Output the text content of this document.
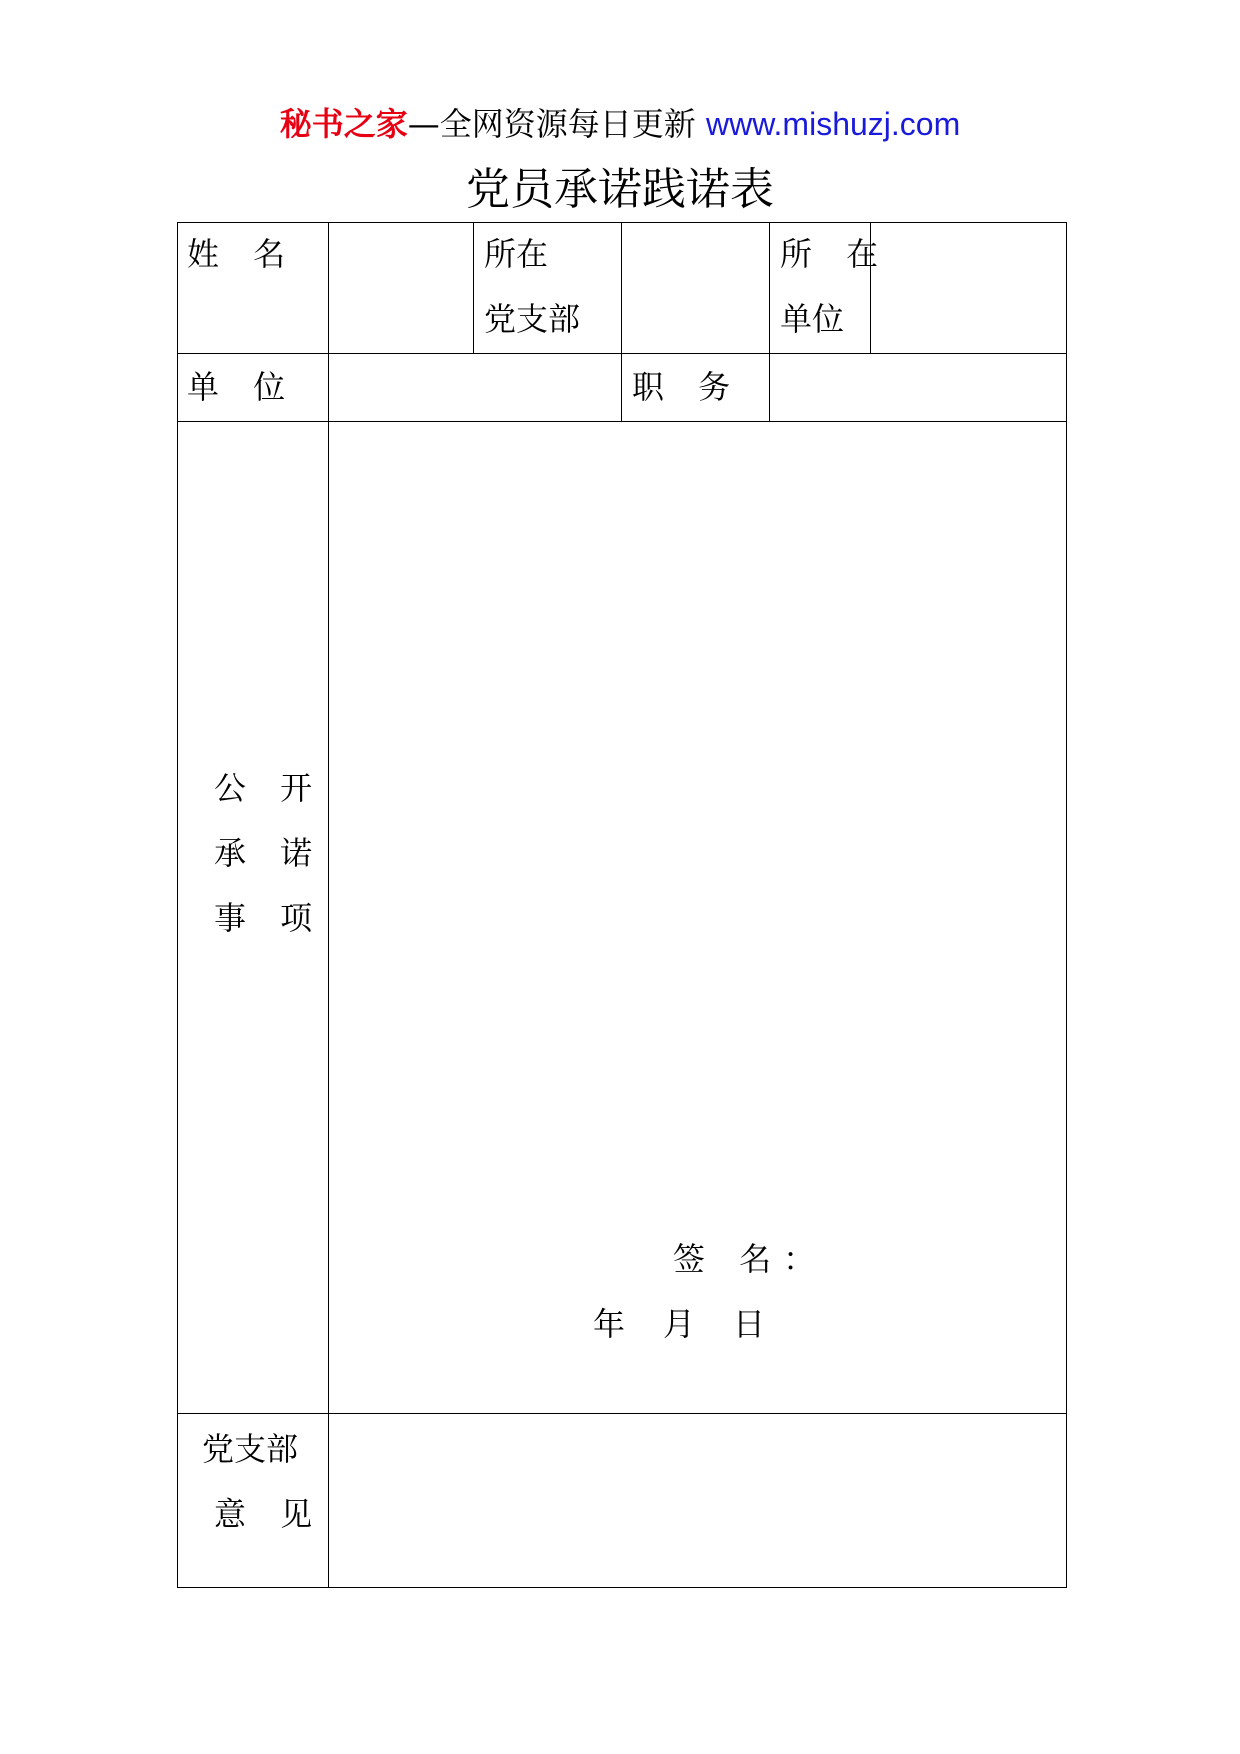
秘书之家—全网资源每日更新 www.mishuzj.com
党员承诺践诺表
姓 名	所在
党支部
所 在
单位
单 位	职 务
公 开
承 诺
事 项
签 名：
年　月　日
党支部
意 见
